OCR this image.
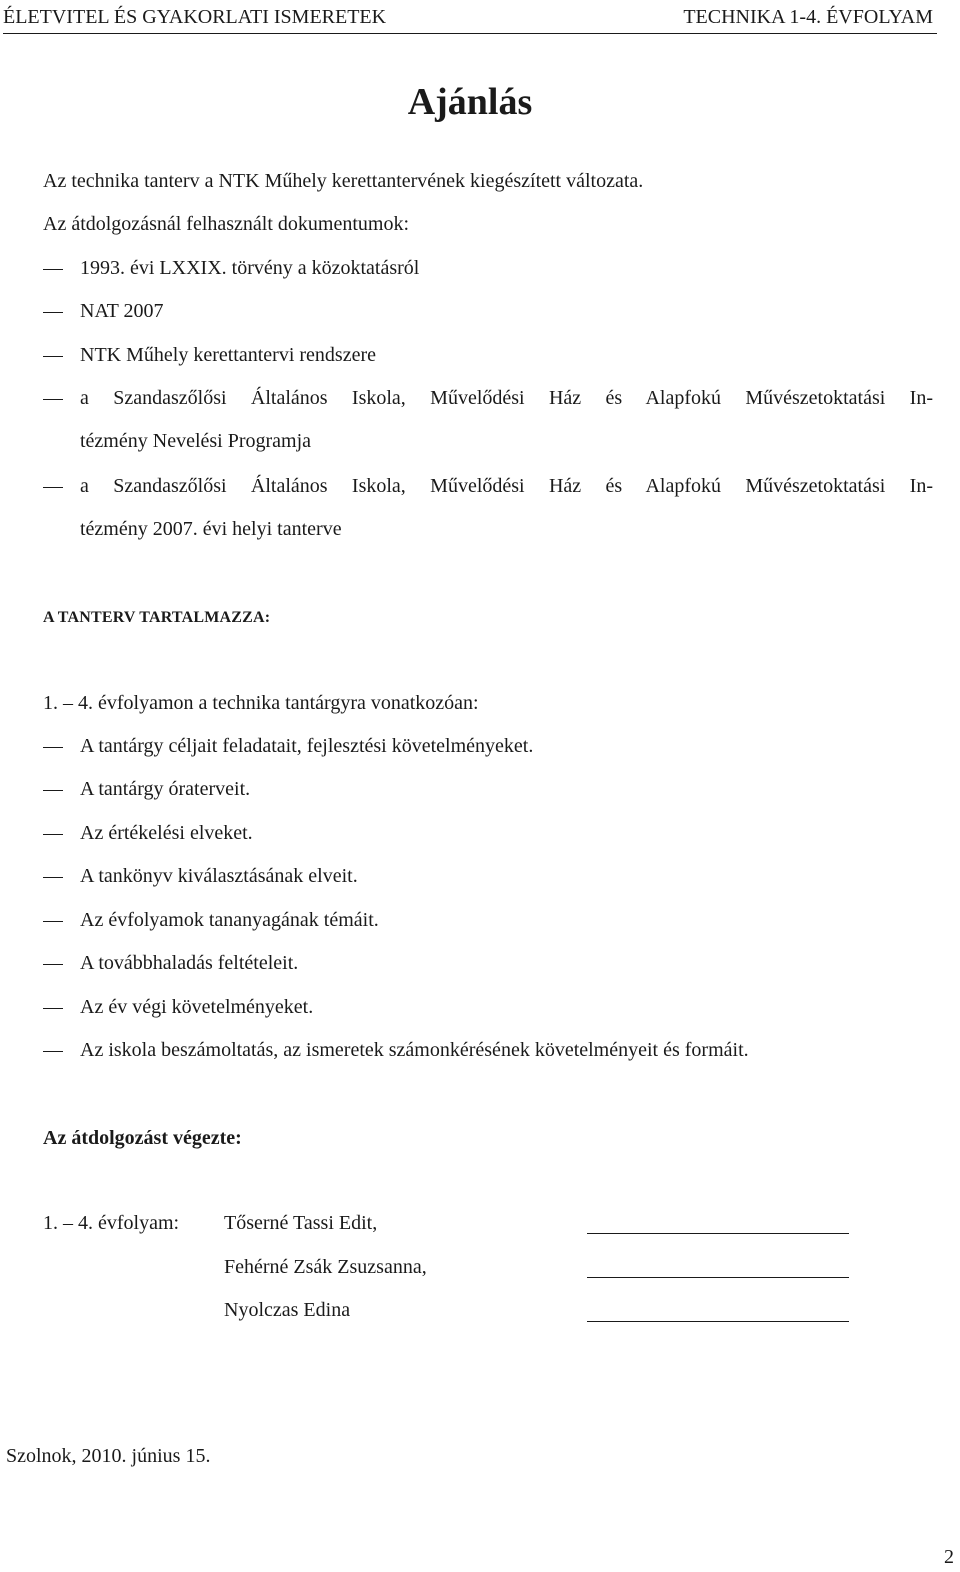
ÉLETVITEL ÉS GYAKORLATI ISMERETEK	TECHNIKA 1-4. ÉVFOLYAM
Ajánlás
Az technika tanterv a NTK Műhely kerettantervének kiegészített változata.
Az átdolgozásnál felhasznált dokumentumok:
1993. évi LXXIX. törvény a közoktatásról
NAT 2007
NTK Műhely kerettantervi rendszere
a Szandaszőlősi Általános Iskola, Művelődési Ház és Alapfokú Művészetoktatási In-
tézmény Nevelési Programja
a Szandaszőlősi Általános Iskola, Művelődési Ház és Alapfokú Művészetoktatási In-
tézmény 2007. évi helyi tanterve
A TANTERV TARTALMAZZA:
1. – 4. évfolyamon a technika tantárgyra vonatkozóan:
A tantárgy céljait feladatait, fejlesztési követelményeket.
A tantárgy óraterveit.
Az értékelési elveket.
A tankönyv kiválasztásának elveit.
Az évfolyamok tananyagának témáit.
A továbbhaladás feltételeit.
Az év végi követelményeket.
Az iskola beszámoltatás, az ismeretek számonkérésének követelményeit és formáit.
Az átdolgozást végezte:
1. – 4. évfolyam: Tőserné Tassi Edit,
Fehérné Zsák Zsuzsanna,
Nyolczas Edina
Szolnok, 2010. június 15.
2
